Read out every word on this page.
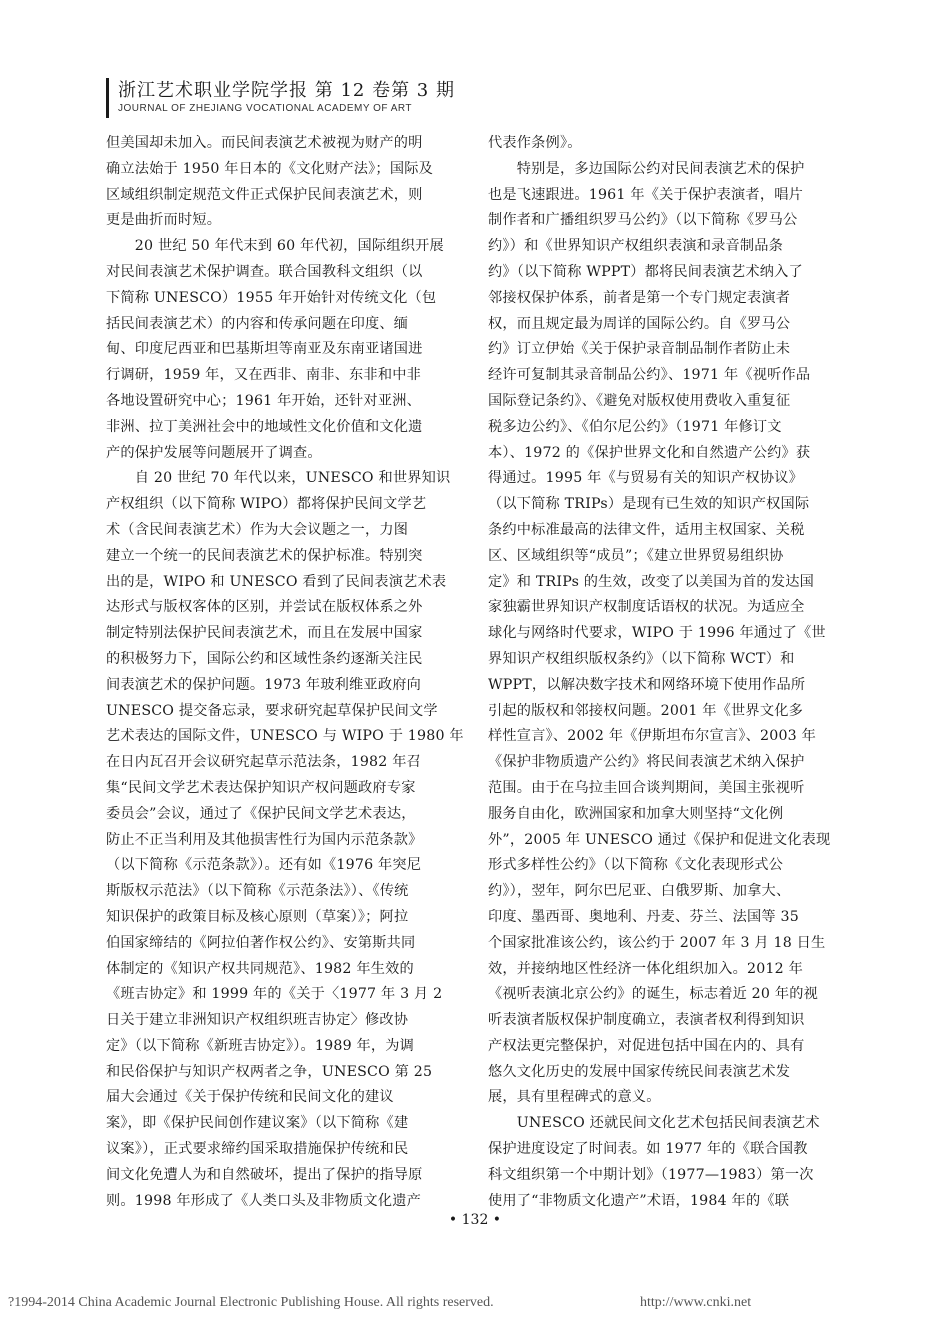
浙江艺术职业学院学报 第 12 卷第 3 期
JOURNAL OF ZHEJIANG VOCATIONAL ACADEMY OF ART
但美国却未加入。而民间表演艺术被视为财产的明
确立法始于 1950 年日本的《文化财产法》；国际及
区域组织制定规范文件正式保护民间表演艺术，则
更是曲折而时短。
　　20 世纪 50 年代末到 60 年代初，国际组织开展
对民间表演艺术保护调查。联合国教科文组织（以
下简称 UNESCO）1955 年开始针对传统文化（包
括民间表演艺术）的内容和传承问题在印度、缅
甸、印度尼西亚和巴基斯坦等南亚及东南亚诸国进
行调研，1959 年，又在西非、南非、东非和中非
各地设置研究中心；1961 年开始，还针对亚洲、
非洲、拉丁美洲社会中的地域性文化价值和文化遗
产的保护发展等问题展开了调查。
　　自 20 世纪 70 年代以来，UNESCO 和世界知识
产权组织（以下简称 WIPO）都将保护民间文学艺
术（含民间表演艺术）作为大会议题之一，力图
建立一个统一的民间表演艺术的保护标准。特别突
出的是，WIPO 和 UNESCO 看到了民间表演艺术表
达形式与版权客体的区别，并尝试在版权体系之外
制定特别法保护民间表演艺术，而且在发展中国家
的积极努力下，国际公约和区域性条约逐渐关注民
间表演艺术的保护问题。1973 年玻利维亚政府向
UNESCO 提交备忘录，要求研究起草保护民间文学
艺术表达的国际文件，UNESCO 与 WIPO 于 1980 年
在日内瓦召开会议研究起草示范法条，1982 年召
集“民间文学艺术表达保护知识产权问题政府专家
委员会”会议，通过了《保护民间文学艺术表达，
防止不正当利用及其他损害性行为国内示范条款》
（以下简称《示范条款》）。还有如《1976 年突尼
斯版权示范法》（以下简称《示范条法》）、《传统
知识保护的政策目标及核心原则（草案）》；阿拉
伯国家缔结的《阿拉伯著作权公约》、安第斯共同
体制定的《知识产权共同规范》、1982 年生效的
《班吉协定》和 1999 年的《关于〈1977 年 3 月 2
日关于建立非洲知识产权组织班吉协定〉修改协
定》（以下简称《新班吉协定》）。1989 年，为调
和民俗保护与知识产权两者之争，UNESCO 第 25
届大会通过《关于保护传统和民间文化的建议
案》，即《保护民间创作建议案》（以下简称《建
议案》），正式要求缔约国采取措施保护传统和民
间文化免遭人为和自然破坏，提出了保护的指导原
则。1998 年形成了《人类口头及非物质文化遗产
代表作条例》。
　　特别是，多边国际公约对民间表演艺术的保护
也是飞速跟进。1961 年《关于保护表演者，唱片
制作者和广播组织罗马公约》（以下简称《罗马公
约》）和《世界知识产权组织表演和录音制品条
约》（以下简称 WPPT）都将民间表演艺术纳入了
邻接权保护体系，前者是第一个专门规定表演者
权，而且规定最为周详的国际公约。自《罗马公
约》订立伊始《关于保护录音制品制作者防止未
经许可复制其录音制品公约》、1971 年《视听作品
国际登记条约》、《避免对版权使用费收入重复征
税多边公约》、《伯尔尼公约》（1971 年修订文
本）、1972 的《保护世界文化和自然遗产公约》获
得通过。1995 年《与贸易有关的知识产权协议》
（以下简称 TRIPs）是现有已生效的知识产权国际
条约中标准最高的法律文件，适用主权国家、关税
区、区域组织等“成员”；《建立世界贸易组织协
定》和 TRIPs 的生效，改变了以美国为首的发达国
家独霸世界知识产权制度话语权的状况。为适应全
球化与网络时代要求，WIPO 于 1996 年通过了《世
界知识产权组织版权条约》（以下简称 WCT）和
WPPT，以解决数字技术和网络环境下使用作品所
引起的版权和邻接权问题。2001 年《世界文化多
样性宣言》、2002 年《伊斯坦布尔宣言》、2003 年
《保护非物质遗产公约》将民间表演艺术纳入保护
范围。由于在乌拉圭回合谈判期间，美国主张视听
服务自由化，欧洲国家和加拿大则坚持“文化例
外”，2005 年 UNESCO 通过《保护和促进文化表现
形式多样性公约》（以下简称《文化表现形式公
约》），翌年，阿尔巴尼亚、白俄罗斯、加拿大、
印度、墨西哥、奥地利、丹麦、芬兰、法国等 35
个国家批准该公约，该公约于 2007 年 3 月 18 日生
效，并接纳地区性经济一体化组织加入。2012 年
《视听表演北京公约》的诞生，标志着近 20 年的视
听表演者版权保护制度确立，表演者权利得到知识
产权法更完整保护，对促进包括中国在内的、具有
悠久文化历史的发展中国家传统民间表演艺术发
展，具有里程碑式的意义。
　　UNESCO 还就民间文化艺术包括民间表演艺术
保护进度设定了时间表。如 1977 年的《联合国教
科文组织第一个中期计划》（1977—1983）第一次
使用了“非物质文化遗产”术语，1984 年的《联
• 132 •
?1994-2014 China Academic Journal Electronic Publishing House. All rights reserved.	http://www.cnki.net
